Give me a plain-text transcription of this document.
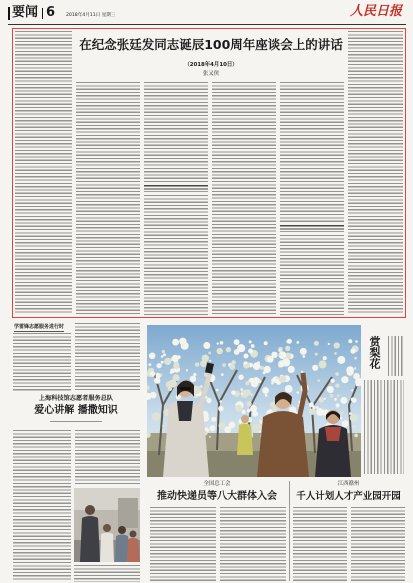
要闻 6 2018年4月11日 星期三	人民日报
在纪念张廷发同志诞辰100周年座谈会上的讲话
（2018年4月10日）
张又侠
学雷锋志愿服务进行时
上海科技馆志愿者服务总队
爱心讲解 播撒知识
赏梨花
全国总工会
推动快递员等八大群体入会
江西赣州
千人计划人才产业园开园
